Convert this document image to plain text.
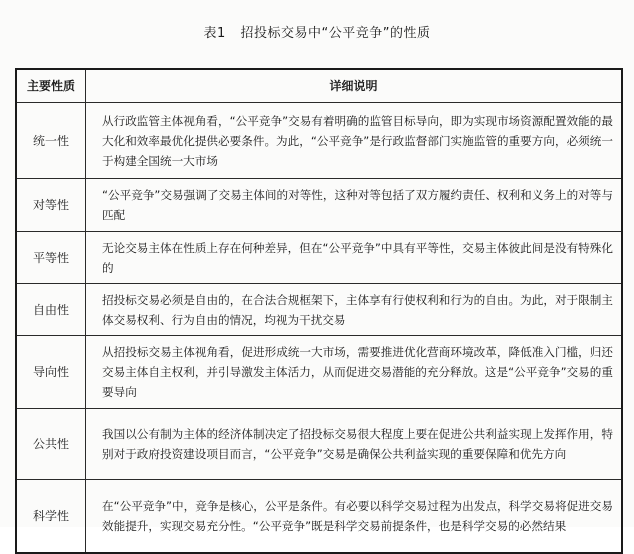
表1 招投标交易中“公平竞争”的性质
主要性质	详细说明
统一性	从行政监管主体视角看，“公平竞争”交易有着明确的监管目标导向，即为实现市场资源配置效能的最大化和效率最优化提供必要条件。为此，“公平竞争”是行政监督部门实施监管的重要方向，必须统一于构建全国统一大市场
对等性	“公平竞争”交易强调了交易主体间的对等性，这种对等包括了双方履约责任、权利和义务上的对等与匹配
平等性	无论交易主体在性质上存在何种差异，但在“公平竞争”中具有平等性，交易主体彼此间是没有特殊化的
自由性	招投标交易必须是自由的，在合法合规框架下，主体享有行使权利和行为的自由。为此，对于限制主体交易权利、行为自由的情况，均视为干扰交易
导向性	从招投标交易主体视角看，促进形成统一大市场，需要推进优化营商环境改革，降低准入门槛，归还交易主体自主权利，并引导激发主体活力，从而促进交易潜能的充分释放。这是“公平竞争”交易的重要导向
公共性	我国以公有制为主体的经济体制决定了招投标交易很大程度上要在促进公共利益实现上发挥作用，特别对于政府投资建设项目而言，“公平竞争”交易是确保公共利益实现的重要保障和优先方向
科学性	在“公平竞争”中，竞争是核心，公平是条件。有必要以科学交易过程为出发点，科学交易将促进交易效能提升，实现交易充分性。“公平竞争”既是科学交易前提条件，也是科学交易的必然结果
